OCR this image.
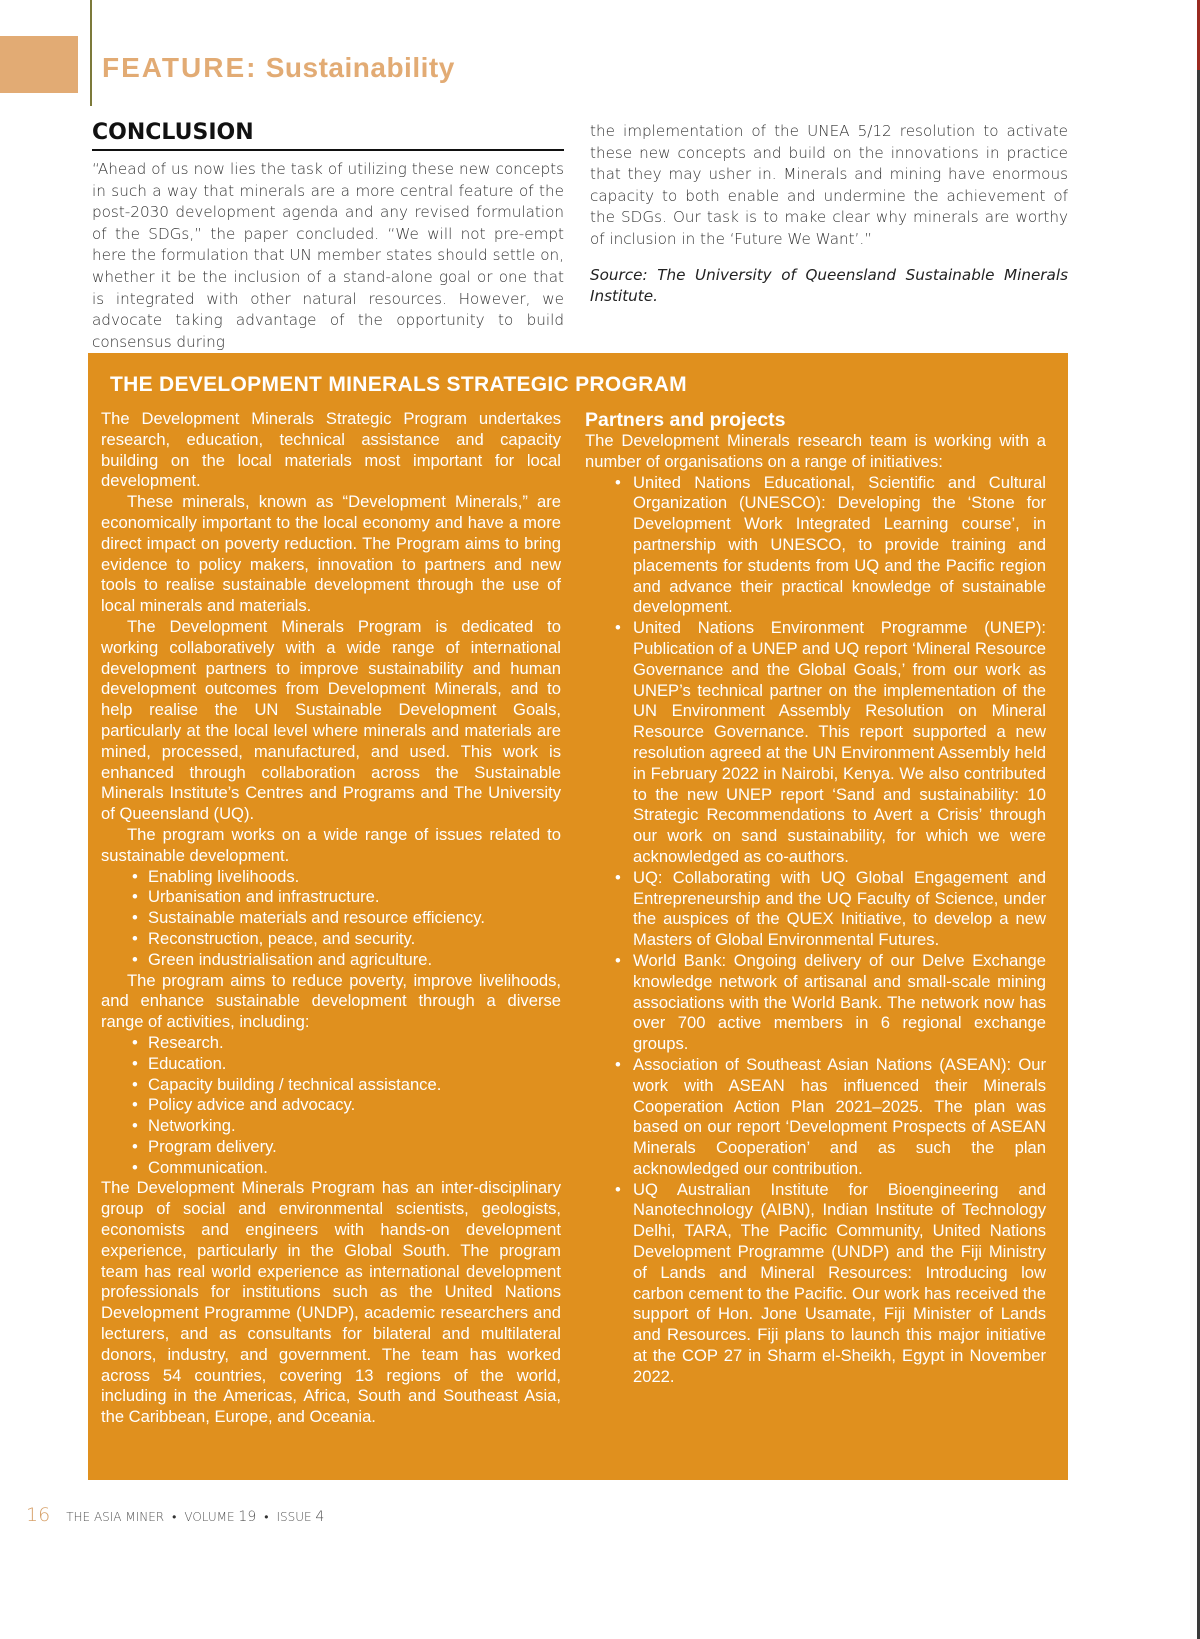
FEATURE: Sustainability
CONCLUSION

“Ahead of us now lies the task of utilizing these new concepts in such a way that minerals are a more central feature of the post-2030 development agenda and any revised formulation of the SDGs,” the paper concluded. “We will not pre-empt here the formulation that UN member states should settle on, whether it be the inclusion of a stand-alone goal or one that is integrated with other natural resources. However, we advocate taking advantage of the opportunity to build consensus during

the implementation of the UNEA 5/12 resolution to activate these new concepts and build on the innovations in practice that they may usher in. Minerals and mining have enormous capacity to both enable and undermine the achievement of the SDGs. Our task is to make clear why minerals are worthy of inclusion in the ‘Future We Want’.”

Source: The University of Queensland Sustainable Minerals Institute.

THE DEVELOPMENT MINERALS STRATEGIC PROGRAM

The Development Minerals Strategic Program undertakes research, education, technical assistance and capacity building on the local materials most important for local development.

These minerals, known as “Development Minerals,” are economically important to the local economy and have a more direct impact on poverty reduction. The Program aims to bring evidence to policy makers, innovation to partners and new tools to realise sustainable development through the use of local minerals and materials.

The Development Minerals Program is dedicated to working collaboratively with a wide range of international development partners to improve sustainability and human development outcomes from Development Minerals, and to help realise the UN Sustainable Development Goals, particularly at the local level where minerals and materials are mined, processed, manufactured, and used. This work is enhanced through collaboration across the Sustainable Minerals Institute’s Centres and Programs and The University of Queensland (UQ).

The program works on a wide range of issues related to sustainable development.

• Enabling livelihoods.
• Urbanisation and infrastructure.
• Sustainable materials and resource efficiency.
• Reconstruction, peace, and security.
• Green industrialisation and agriculture.

The program aims to reduce poverty, improve livelihoods, and enhance sustainable development through a diverse range of activities, including:

• Research.
• Education.
• Capacity building / technical assistance.
• Policy advice and advocacy.
• Networking.
• Program delivery.
• Communication.

The Development Minerals Program has an inter-disciplinary group of social and environmental scientists, geologists, economists and engineers with hands-on development experience, particularly in the Global South. The program team has real world experience as international development professionals for institutions such as the United Nations Development Programme (UNDP), academic researchers and lecturers, and as consultants for bilateral and multilateral donors, industry, and government. The team has worked across 54 countries, covering 13 regions of the world, including in the Americas, Africa, South and Southeast Asia, the Caribbean, Europe, and Oceania.

Partners and projects

The Development Minerals research team is working with a number of organisations on a range of initiatives:

• United Nations Educational, Scientific and Cultural Organization (UNESCO): Developing the ‘Stone for Development Work Integrated Learning course’, in partnership with UNESCO, to provide training and placements for students from UQ and the Pacific region and advance their practical knowledge of sustainable development.
• United Nations Environment Programme (UNEP): Publication of a UNEP and UQ report ‘Mineral Resource Governance and the Global Goals,’ from our work as UNEP’s technical partner on the implementation of the UN Environment Assembly Resolution on Mineral Resource Governance. This report supported a new resolution agreed at the UN Environment Assembly held in February 2022 in Nairobi, Kenya. We also contributed to the new UNEP report ‘Sand and sustainability: 10 Strategic Recommendations to Avert a Crisis’ through our work on sand sustainability, for which we were acknowledged as co-authors.
• UQ: Collaborating with UQ Global Engagement and Entrepreneurship and the UQ Faculty of Science, under the auspices of the QUEX Initiative, to develop a new Masters of Global Environmental Futures.
• World Bank: Ongoing delivery of our Delve Exchange knowledge network of artisanal and small-scale mining associations with the World Bank. The network now has over 700 active members in 6 regional exchange groups.
• Association of Southeast Asian Nations (ASEAN): Our work with ASEAN has influenced their Minerals Cooperation Action Plan 2021–2025. The plan was based on our report ‘Development Prospects of ASEAN Minerals Cooperation’ and as such the plan acknowledged our contribution.
• UQ Australian Institute for Bioengineering and Nanotechnology (AIBN), Indian Institute of Technology Delhi, TARA, The Pacific Community, United Nations Development Programme (UNDP) and the Fiji Ministry of Lands and Mineral Resources: Introducing low carbon cement to the Pacific. Our work has received the support of Hon. Jone Usamate, Fiji Minister of Lands and Resources. Fiji plans to launch this major initiative at the COP 27 in Sharm el-Sheikh, Egypt in November 2022.
16 THE ASIA MINER • VOLUME 19 • ISSUE 4
